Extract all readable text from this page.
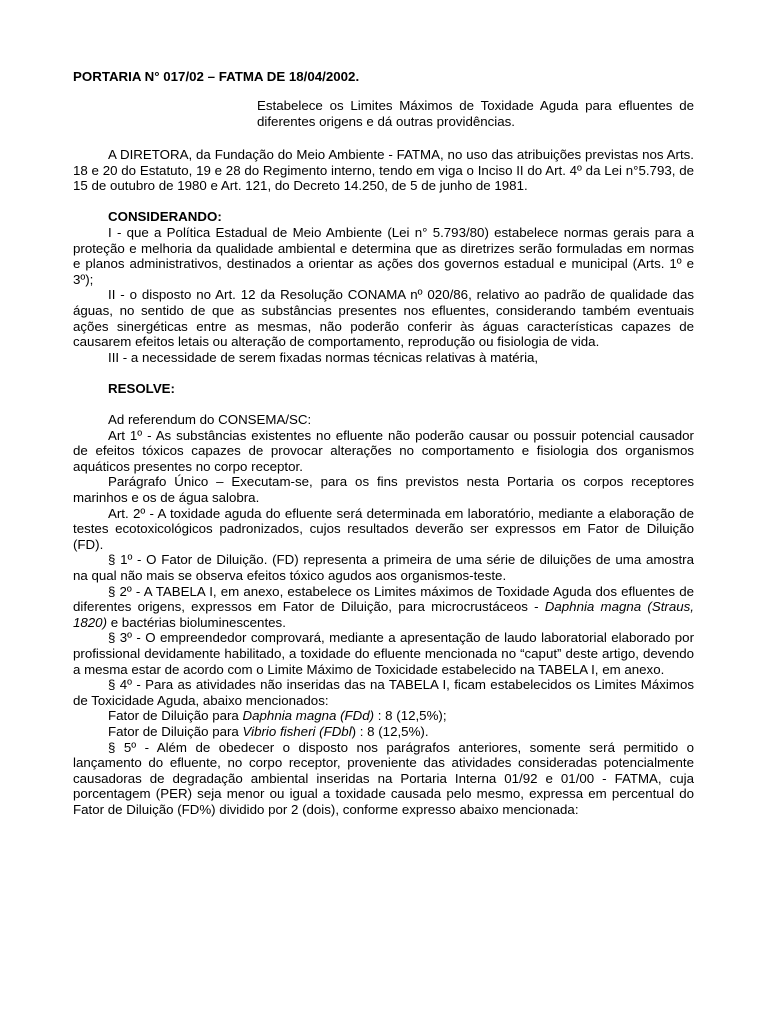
PORTARIA N° 017/02 – FATMA DE 18/04/2002.
Estabelece os Limites Máximos de Toxidade Aguda para efluentes de diferentes origens e dá outras providências.

A DIRETORA, da Fundação do Meio Ambiente - FATMA, no uso das atribuições previstas nos Arts. 18 e 20 do Estatuto, 19 e 28 do Regimento interno, tendo em viga o Inciso II do Art. 4º da Lei n°5.793, de 15 de outubro de 1980 e Art. 121, do Decreto 14.250, de 5 de junho de 1981.

CONSIDERANDO:

I - que a Política Estadual de Meio Ambiente (Lei n° 5.793/80) estabelece normas gerais para a proteção e melhoria da qualidade ambiental e determina que as diretrizes serão formuladas em normas e planos administrativos, destinados a orientar as ações dos governos estadual e municipal (Arts. 1º e 3º);

II - o disposto no Art. 12 da Resolução CONAMA nº 020/86, relativo ao padrão de qualidade das águas, no sentido de que as substâncias presentes nos efluentes, considerando também eventuais ações sinergéticas entre as mesmas, não poderão conferir às águas características capazes de causarem efeitos letais ou alteração de comportamento, reprodução ou fisiologia de vida.

III - a necessidade de serem fixadas normas técnicas relativas à matéria,

RESOLVE:

Ad referendum do CONSEMA/SC:

Art 1º - As substâncias existentes no efluente não poderão causar ou possuir potencial causador de efeitos tóxicos capazes de provocar alterações no comportamento e fisiologia dos organismos aquáticos presentes no corpo receptor.

Parágrafo Único – Executam-se, para os fins previstos nesta Portaria os corpos receptores marinhos e os de água salobra.

Art. 2º - A toxidade aguda do efluente será determinada em laboratório, mediante a elaboração de testes ecotoxicológicos padronizados, cujos resultados deverão ser expressos em Fator de Diluição (FD).

§ 1º - O Fator de Diluição. (FD) representa a primeira de uma série de diluições de uma amostra na qual não mais se observa efeitos tóxico agudos aos organismos-teste.

§ 2º - A TABELA I, em anexo, estabelece os Limites máximos de Toxidade Aguda dos efluentes de diferentes origens, expressos em Fator de Diluição, para microcrustáceos - Daphnia magna (Straus, 1820) e bactérias bioluminescentes.

§ 3º - O empreendedor comprovará, mediante a apresentação de laudo laboratorial elaborado por profissional devidamente habilitado, a toxidade do efluente mencionada no “caput” deste artigo, devendo a mesma estar de acordo com o Limite Máximo de Toxicidade estabelecido na TABELA I, em anexo.

§ 4º - Para as atividades não inseridas das na TABELA I, ficam estabelecidos os Limites Máximos de Toxicidade Aguda, abaixo mencionados:

Fator de Diluição para Daphnia magna (FDd) : 8 (12,5%);

Fator de Diluição para Vibrio fisheri (FDbl) : 8 (12,5%).

§ 5º - Além de obedecer o disposto nos parágrafos anteriores, somente será permitido o lançamento do efluente, no corpo receptor, proveniente das atividades consideradas potencialmente causadoras de degradação ambiental inseridas na Portaria Interna 01/92 e 01/00 - FATMA, cuja porcentagem (PER) seja menor ou igual a toxidade causada pelo mesmo, expressa em percentual do Fator de Diluição (FD%) dividido por 2 (dois), conforme expresso abaixo mencionada:
